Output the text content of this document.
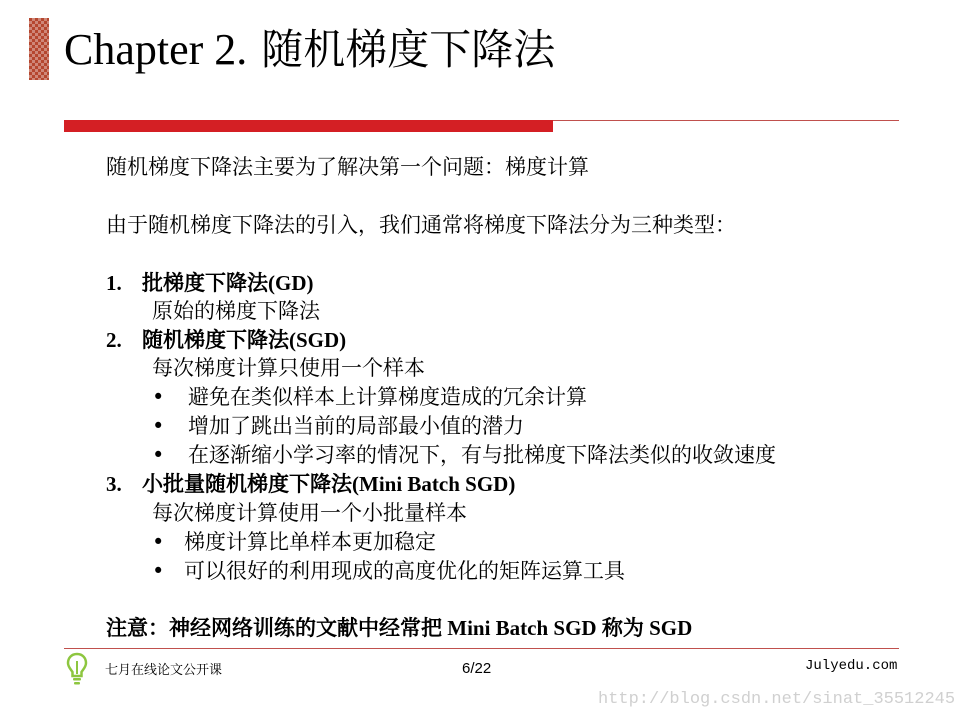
Chapter 2. 随机梯度下降法
随机梯度下降法主要为了解决第一个问题：梯度计算
由于随机梯度下降法的引入，我们通常将梯度下降法分为三种类型：
1. 批梯度下降法(GD)
原始的梯度下降法
2. 随机梯度下降法(SGD)
每次梯度计算只使用一个样本
• 避免在类似样本上计算梯度造成的冗余计算
• 增加了跳出当前的局部最小值的潜力
• 在逐渐缩小学习率的情况下，有与批梯度下降法类似的收敛速度
3. 小批量随机梯度下降法(Mini Batch SGD)
每次梯度计算使用一个小批量样本
• 梯度计算比单样本更加稳定
• 可以很好的利用现成的高度优化的矩阵运算工具
注意：神经网络训练的文献中经常把 Mini Batch SGD 称为 SGD
七月在线论文公开课	6/22	Julyedu.com
http://blog.csdn.net/sinat_35512245
